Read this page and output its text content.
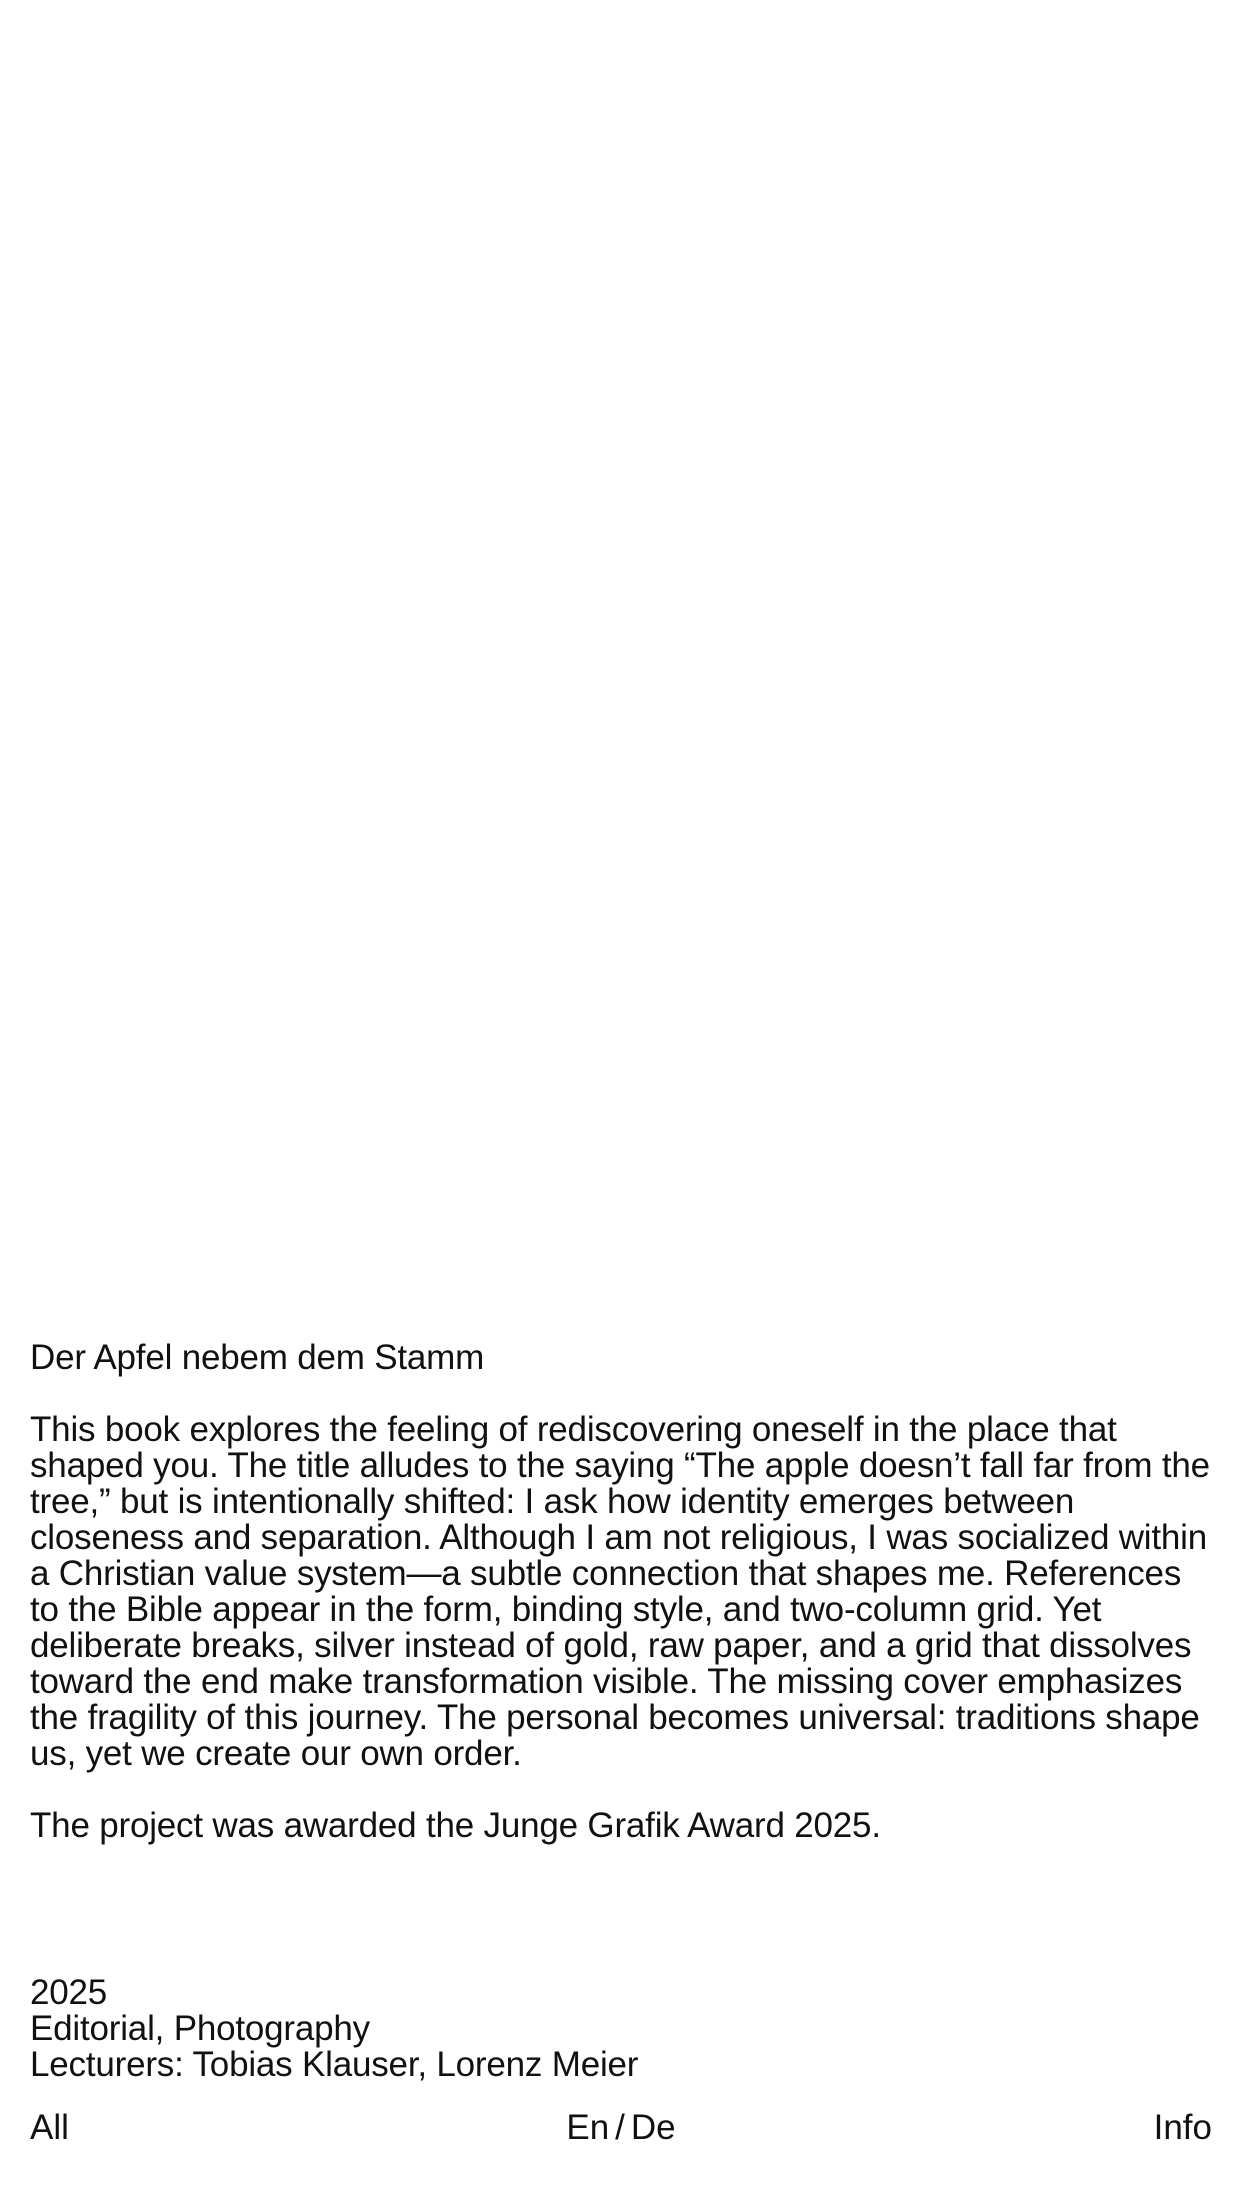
Der Apfel nebem dem Stamm

This book explores the feeling of rediscovering oneself in the place that shaped you. The title alludes to the saying “The apple doesn’t fall far from the tree,” but is intentionally shifted: I ask how identity emerges between closeness and separation. Although I am not religious, I was socialized within a Christian value system—a subtle connection that shapes me. References to the Bible appear in the form, binding style, and two-column grid. Yet deliberate breaks, silver instead of gold, raw paper, and a grid that dissolves toward the end make transformation visible. The missing cover emphasizes the fragility of this journey. The personal becomes universal: traditions shape us, yet we create our own order.

The project was awarded the Junge Grafik Award 2025.

2025
Editorial, Photography
Lecturers: Tobias Klauser, Lorenz Meier
All	En / De	Info
